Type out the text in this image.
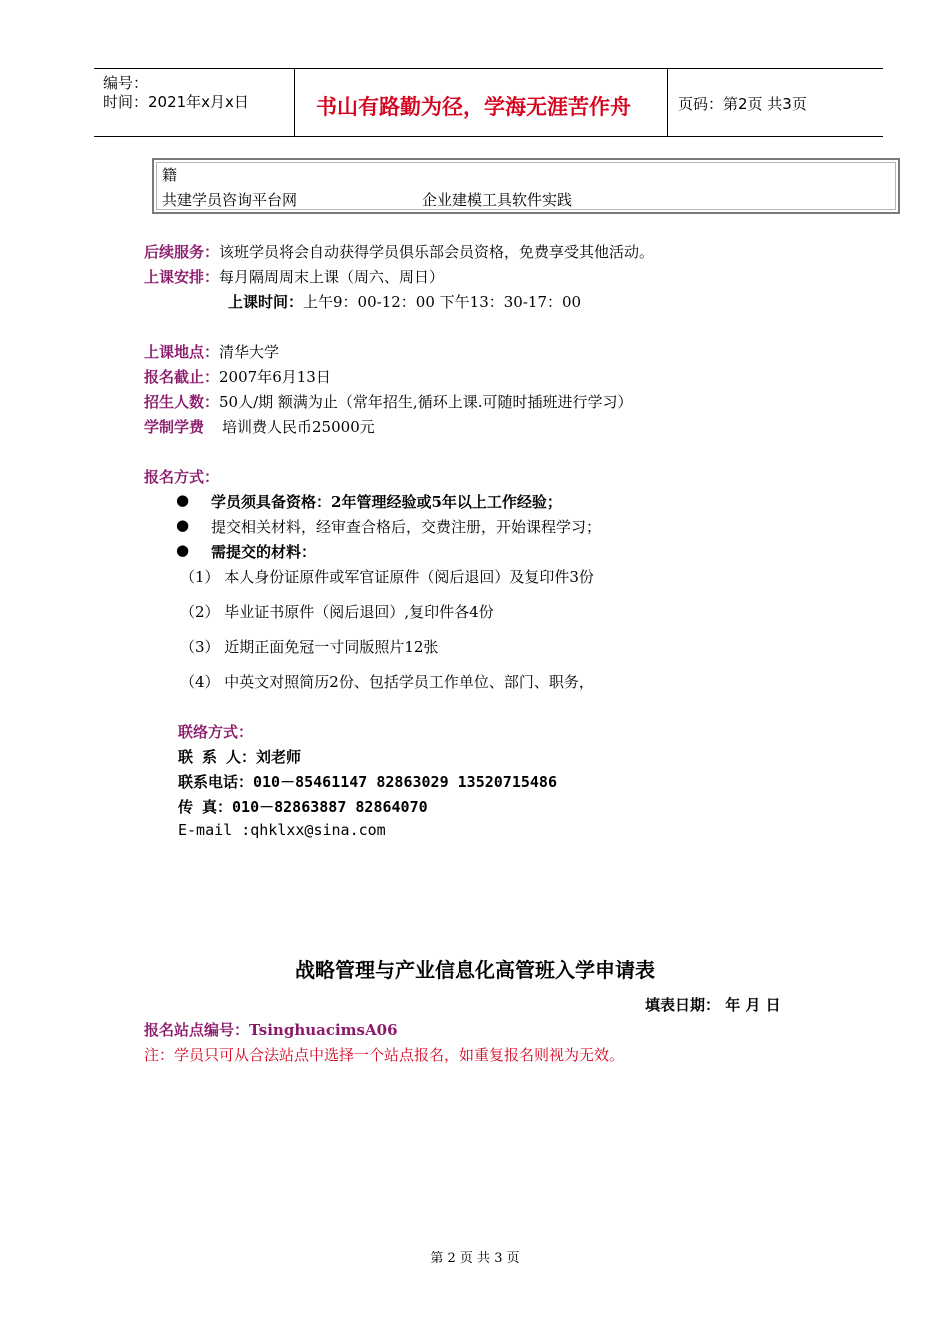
编号：
时间：2021年x月x日	书山有路勤为径，学海无涯苦作舟	页码：第2页 共3页
籍
共建学员咨询平台网	企业建模工具软件实践
后续服务：该班学员将会自动获得学员俱乐部会员资格，免费享受其他活动。
上课安排：每月隔周周末上课（周六、周日）
上课时间：上午9：00-12：00 下午13：30-17：00
上课地点：清华大学
报名截止：2007年6月13日
招生人数：50人/期 额满为止（常年招生,循环上课.可随时插班进行学习）
学制学费 培训费人民币25000元
报名方式：
● 学员须具备资格：2年管理经验或5年以上工作经验；
● 提交相关材料，经审查合格后，交费注册，开始课程学习；
● 需提交的材料：
（1） 本人身份证原件或军官证原件（阅后退回）及复印件3份
（2） 毕业证书原件（阅后退回）,复印件各4份
（3） 近期正面免冠一寸同版照片12张
（4） 中英文对照简历2份、包括学员工作单位、部门、职务，
联络方式：
联 系 人：刘老师
联系电话：010－85461147 82863029 13520715486
传 真：010－82863887 82864070
E-mail :qhklxx@sina.com
战略管理与产业信息化高管班入学申请表
填表日期： 年 月 日
报名站点编号：TsinghuacimsA06
注：学员只可从合法站点中选择一个站点报名，如重复报名则视为无效。
第 2 页 共 3 页
